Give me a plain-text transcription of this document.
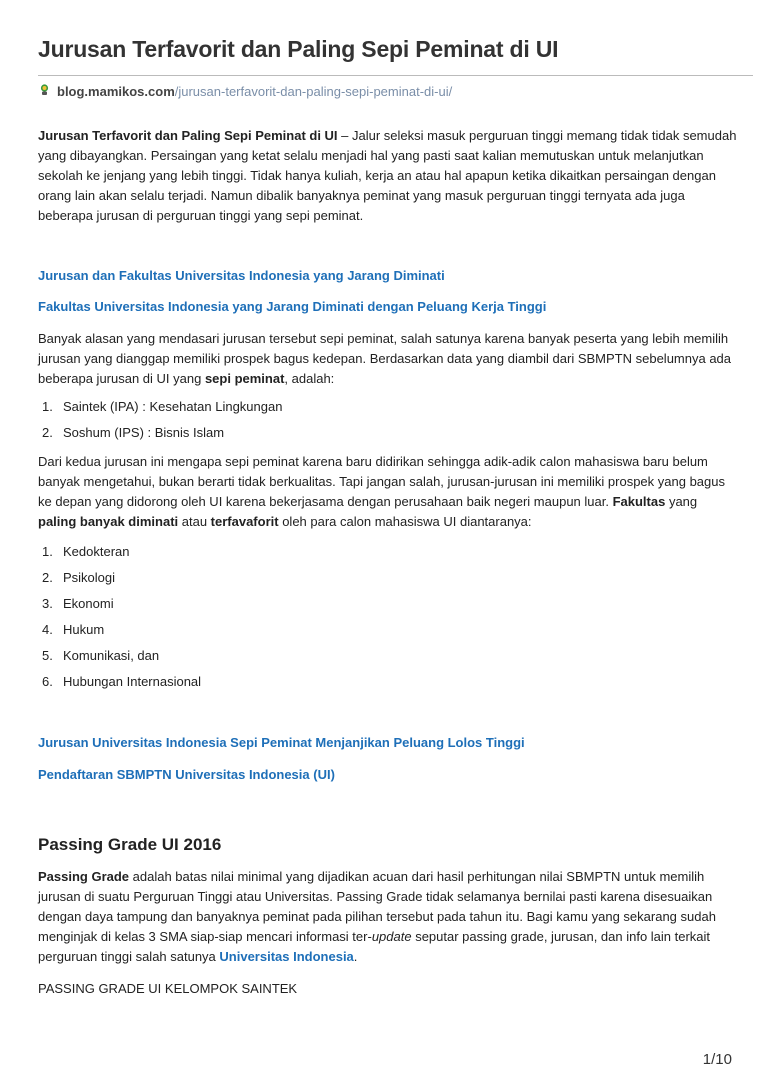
Jurusan Terfavorit dan Paling Sepi Peminat di UI
blog.mamikos.com /jurusan-terfavorit-dan-paling-sepi-peminat-di-ui/

Jurusan Terfavorit dan Paling Sepi Peminat di UI – Jalur seleksi masuk perguruan tinggi memang tidak tidak semudah yang dibayangkan. Persaingan yang ketat selalu menjadi hal yang pasti saat kalian memutuskan untuk melanjutkan sekolah ke jenjang yang lebih tinggi. Tidak hanya kuliah, kerja an atau hal apapun ketika dikaitkan persaingan dengan orang lain akan selalu terjadi. Namun dibalik banyaknya peminat yang masuk perguruan tinggi ternyata ada juga beberapa jurusan di perguruan tinggi yang sepi peminat.

Jurusan dan Fakultas Universitas Indonesia yang Jarang Diminati
Fakultas Universitas Indonesia yang Jarang Diminati dengan Peluang Kerja Tinggi

Banyak alasan yang mendasari jurusan tersebut sepi peminat, salah satunya karena banyak peserta yang lebih memilih jurusan yang dianggap memiliki prospek bagus kedepan. Berdasarkan data yang diambil dari SBMPTN sebelumnya ada beberapa jurusan di UI yang sepi peminat, adalah:

1. Saintek (IPA) : Kesehatan Lingkungan
2. Soshum (IPS) : Bisnis Islam

Dari kedua jurusan ini mengapa sepi peminat karena baru didirikan sehingga adik-adik calon mahasiswa baru belum banyak mengetahui, bukan berarti tidak berkualitas. Tapi jangan salah, jurusan-jurusan ini memiliki prospek yang bagus ke depan yang didorong oleh UI karena bekerjasama dengan perusahaan baik negeri maupun luar. Fakultas yang paling banyak diminati atau terfavaforit oleh para calon mahasiswa UI diantaranya:

1. Kedokteran
2. Psikologi
3. Ekonomi
4. Hukum
5. Komunikasi, dan
6. Hubungan Internasional
Jurusan Universitas Indonesia Sepi Peminat Menjanjikan Peluang Lolos Tinggi
Pendaftaran SBMPTN Universitas Indonesia (UI)
Passing Grade UI 2016

Passing Grade adalah batas nilai minimal yang dijadikan acuan dari hasil perhitungan nilai SBMPTN untuk memilih jurusan di suatu Perguruan Tinggi atau Universitas. Passing Grade tidak selamanya bernilai pasti karena disesuaikan dengan daya tampung dan banyaknya peminat pada pilihan tersebut pada tahun itu. Bagi kamu yang sekarang sudah menginjak di kelas 3 SMA siap-siap mencari informasi ter-update seputar passing grade, jurusan, dan info lain terkait perguruan tinggi salah satunya Universitas Indonesia.

PASSING GRADE UI KELOMPOK SAINTEK

1/10
